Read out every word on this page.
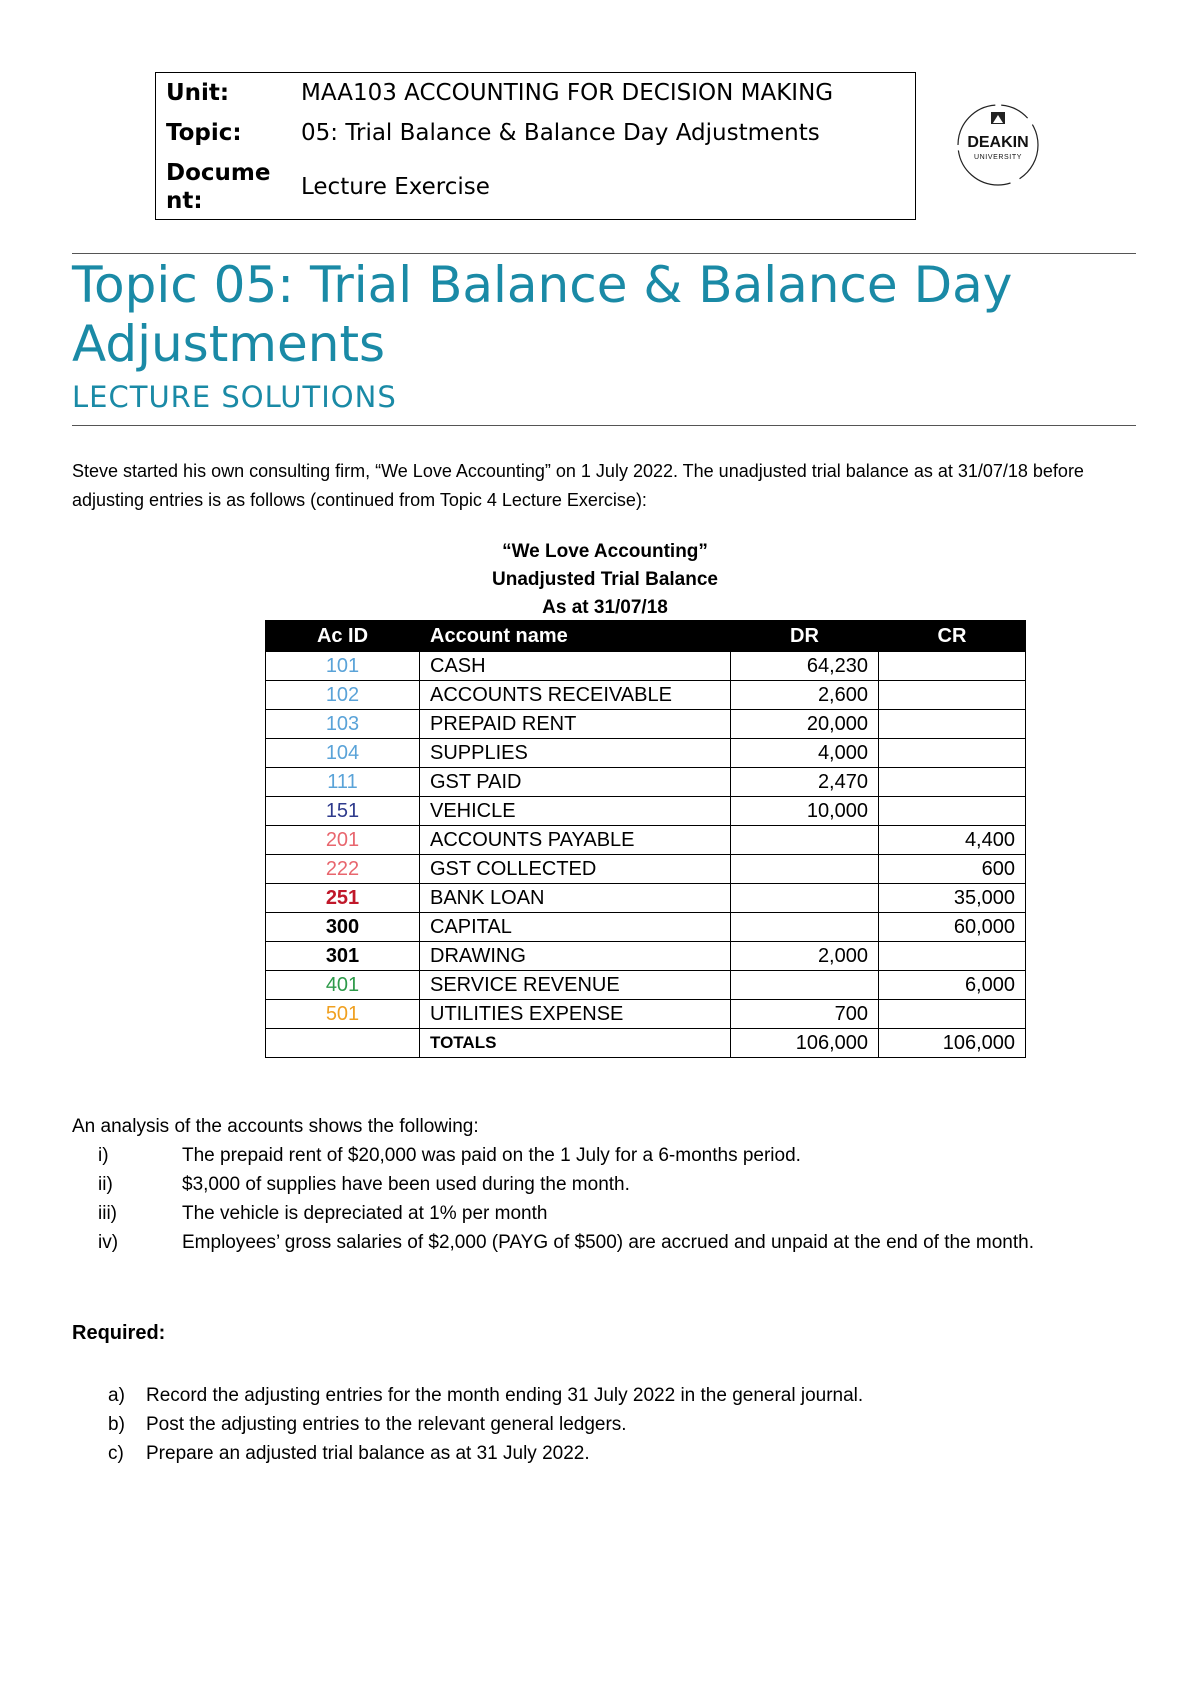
Unit:	MAA103 ACCOUNTING FOR DECISION MAKING
Topic:	05: Trial Balance & Balance Day Adjustments
Docume
nt:
Lecture Exercise
DEAKIN
UNIVERSITY
Topic 05: Trial Balance & Balance Day Adjustments
LECTURE SOLUTIONS
Steve started his own consulting firm, “We Love Accounting” on 1 July 2022. The unadjusted trial balance as at 31/07/18 before adjusting entries is as follows (continued from Topic 4 Lecture Exercise):
“We Love Accounting”
Unadjusted Trial Balance
As at 31/07/18
Ac ID	Account name	DR	CR
101	CASH	64,230	
102	ACCOUNTS RECEIVABLE	2,600	
103	PREPAID RENT	20,000	
104	SUPPLIES	4,000	
111	GST PAID	2,470	
151	VEHICLE	10,000	
201	ACCOUNTS PAYABLE		4,400
222	GST COLLECTED		600
251	BANK LOAN		35,000
300	CAPITAL		60,000
301	DRAWING	2,000	
401	SERVICE REVENUE		6,000
501	UTILITIES EXPENSE	700	
	TOTALS	106,000	106,000
An analysis of the accounts shows the following:
i)	The prepaid rent of $20,000 was paid on the 1 July for a 6-months period.
ii)	$3,000 of supplies have been used during the month.
iii)	The vehicle is depreciated at 1% per month
iv)	Employees’ gross salaries of $2,000 (PAYG of $500) are accrued and unpaid at the end of the month.
Required:
a) Record the adjusting entries for the month ending 31 July 2022 in the general journal.
b) Post the adjusting entries to the relevant general ledgers.
c) Prepare an adjusted trial balance as at 31 July 2022.
